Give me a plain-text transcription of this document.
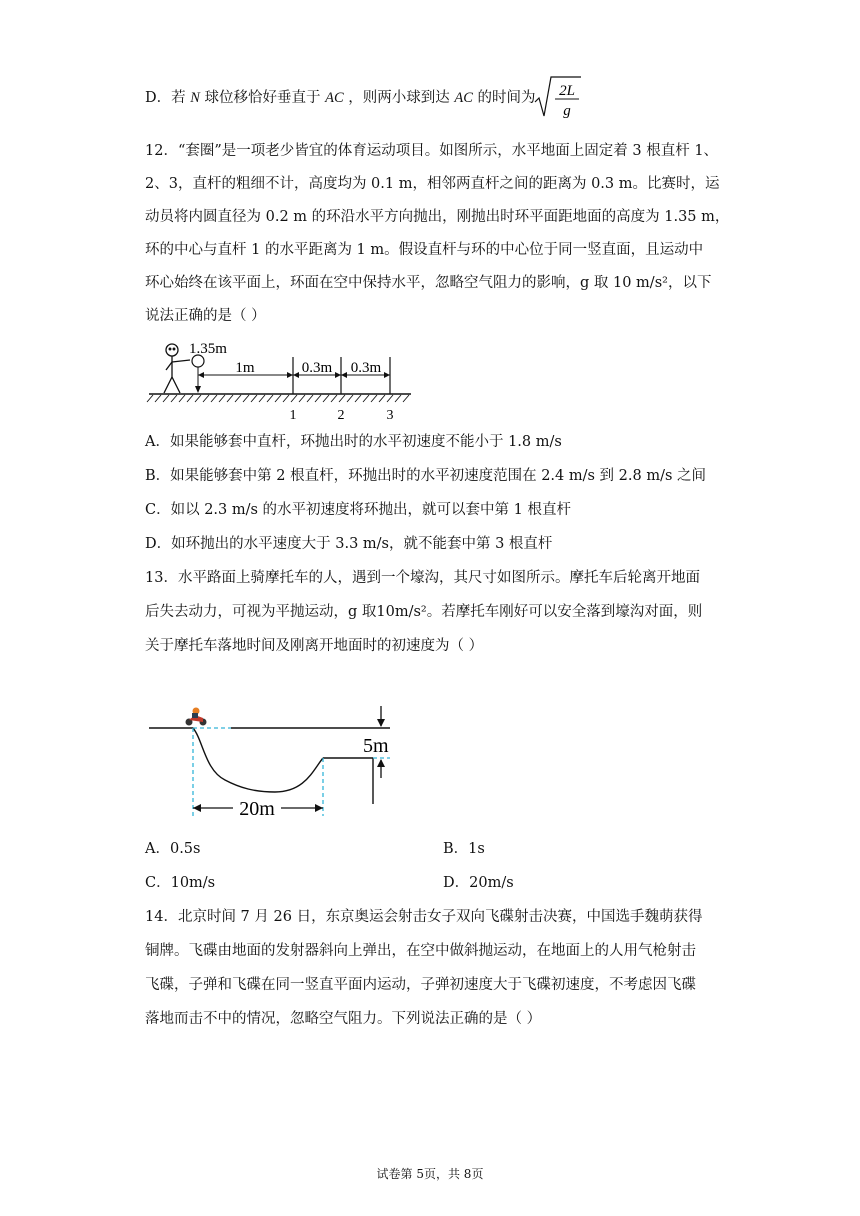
D．若 N 球位移恰好垂直于 AC ，则两小球到达 AC 的时间为 2L
g
12．“套圈”是一项老少皆宜的体育运动项目。如图所示，水平地面上固定着 3 根直杆 1、
2、3，直杆的粗细不计，高度均为 0.1 m，相邻两直杆之间的距离为 0.3 m。比赛时，运
动员将内圆直径为 0.2 m 的环沿水平方向抛出，刚抛出时环平面距地面的高度为 1.35 m，
环的中心与直杆 1 的水平距离为 1 m。假设直杆与环的中心位于同一竖直面，且运动中
环心始终在该平面上，环面在空中保持水平，忽略空气阻力的影响，g 取 10 m/s²，以下
说法正确的是（ ）
1.35m
1m	0.3m 0.3m
1	2	3
A．如果能够套中直杆，环抛出时的水平初速度不能小于 1.8 m/s
B．如果能够套中第 2 根直杆，环抛出时的水平初速度范围在 2.4 m/s 到 2.8 m/s 之间
C．如以 2.3 m/s 的水平初速度将环抛出，就可以套中第 1 根直杆
D．如环抛出的水平速度大于 3.3 m/s，就不能套中第 3 根直杆
13．水平路面上骑摩托车的人，遇到一个壕沟，其尺寸如图所示。摩托车后轮离开地面
后失去动力，可视为平抛运动，g 取10m/s²。若摩托车刚好可以安全落到壕沟对面，则
关于摩托车落地时间及刚离开地面时的初速度为（ ）
20m
5m
A．0.5s	B．1s
C．10m/s	D．20m/s
14．北京时间 7 月 26 日，东京奥运会射击女子双向飞碟射击决赛，中国选手魏萌获得
铜牌。飞碟由地面的发射器斜向上弹出，在空中做斜抛运动，在地面上的人用气枪射击
飞碟，子弹和飞碟在同一竖直平面内运动，子弹初速度大于飞碟初速度，不考虑因飞碟
落地而击不中的情况，忽略空气阻力。下列说法正确的是（ ）
试卷第 5页，共 8页
